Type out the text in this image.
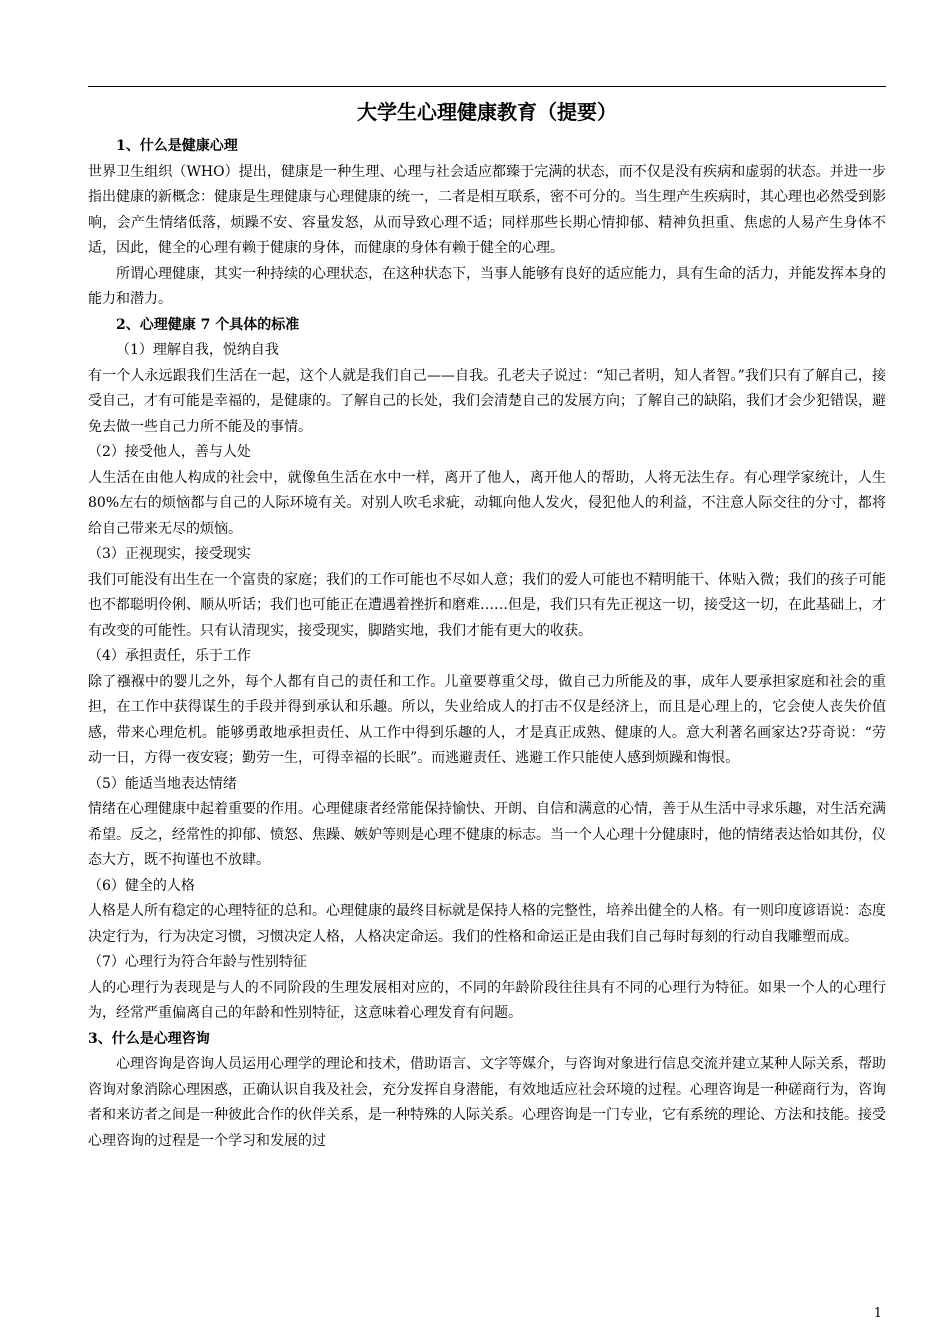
大学生心理健康教育（提要）

1、什么是健康心理

世界卫生组织（WHO）提出，健康是一种生理、心理与社会适应都臻于完满的状态，而不仅是没有疾病和虚弱的状态。并进一步指出健康的新概念：健康是生理健康与心理健康的统一，二者是相互联系，密不可分的。当生理产生疾病时，其心理也必然受到影响，会产生情绪低落，烦躁不安、容量发怒，从而导致心理不适；同样那些长期心情抑郁、精神负担重、焦虑的人易产生身体不适，因此，健全的心理有赖于健康的身体，而健康的身体有赖于健全的心理。

所谓心理健康，其实一种持续的心理状态，在这种状态下，当事人能够有良好的适应能力，具有生命的活力，并能发挥本身的能力和潜力。

2、心理健康 7 个具体的标准

（1）理解自我，悦纳自我

有一个人永远跟我们生活在一起，这个人就是我们自己——自我。孔老夫子说过：“知己者明，知人者智。”我们只有了解自己，接受自己，才有可能是幸福的，是健康的。了解自己的长处，我们会清楚自己的发展方向；了解自己的缺陷，我们才会少犯错误，避免去做一些自己力所不能及的事情。

（2）接受他人，善与人处

人生活在由他人构成的社会中，就像鱼生活在水中一样，离开了他人，离开他人的帮助，人将无法生存。有心理学家统计，人生 80%左右的烦恼都与自己的人际环境有关。对别人吹毛求疵，动辄向他人发火，侵犯他人的利益，不注意人际交往的分寸，都将给自己带来无尽的烦恼。

（3）正视现实，接受现实

我们可能没有出生在一个富贵的家庭；我们的工作可能也不尽如人意；我们的爱人可能也不精明能干、体贴入微；我们的孩子可能也不都聪明伶俐、顺从听话；我们也可能正在遭遇着挫折和磨难……但是，我们只有先正视这一切，接受这一切，在此基础上，才有改变的可能性。只有认清现实，接受现实，脚踏实地，我们才能有更大的收获。

（4）承担责任，乐于工作

除了襁褓中的婴儿之外，每个人都有自己的责任和工作。儿童要尊重父母，做自己力所能及的事，成年人要承担家庭和社会的重担，在工作中获得谋生的手段并得到承认和乐趣。所以，失业给成人的打击不仅是经济上，而且是心理上的，它会使人丧失价值感，带来心理危机。能够勇敢地承担责任、从工作中得到乐趣的人，才是真正成熟、健康的人。意大利著名画家达?芬奇说：“劳动一日，方得一夜安寝；勤劳一生，可得幸福的长眠”。而逃避责任、逃避工作只能使人感到烦躁和悔恨。

（5）能适当地表达情绪

情绪在心理健康中起着重要的作用。心理健康者经常能保持愉快、开朗、自信和满意的心情，善于从生活中寻求乐趣，对生活充满希望。反之，经常性的抑郁、愤怒、焦躁、嫉妒等则是心理不健康的标志。当一个人心理十分健康时，他的情绪表达恰如其份，仪态大方，既不拘谨也不放肆。

（6）健全的人格

人格是人所有稳定的心理特征的总和。心理健康的最终目标就是保持人格的完整性，培养出健全的人格。有一则印度谚语说：态度决定行为，行为决定习惯，习惯决定人格，人格决定命运。我们的性格和命运正是由我们自己每时每刻的行动自我雕塑而成。

（7）心理行为符合年龄与性别特征

人的心理行为表现是与人的不同阶段的生理发展相对应的，不同的年龄阶段往往具有不同的心理行为特征。如果一个人的心理行为，经常严重偏离自己的年龄和性别特征，这意味着心理发育有问题。

3、什么是心理咨询

心理咨询是咨询人员运用心理学的理论和技术，借助语言、文字等媒介，与咨询对象进行信息交流并建立某种人际关系，帮助咨询对象消除心理困惑，正确认识自我及社会，充分发挥自身潜能，有效地适应社会环境的过程。心理咨询是一种磋商行为，咨询者和来访者之间是一种彼此合作的伙伴关系，是一种特殊的人际关系。心理咨询是一门专业，它有系统的理论、方法和技能。接受心理咨询的过程是一个学习和发展的过

1
